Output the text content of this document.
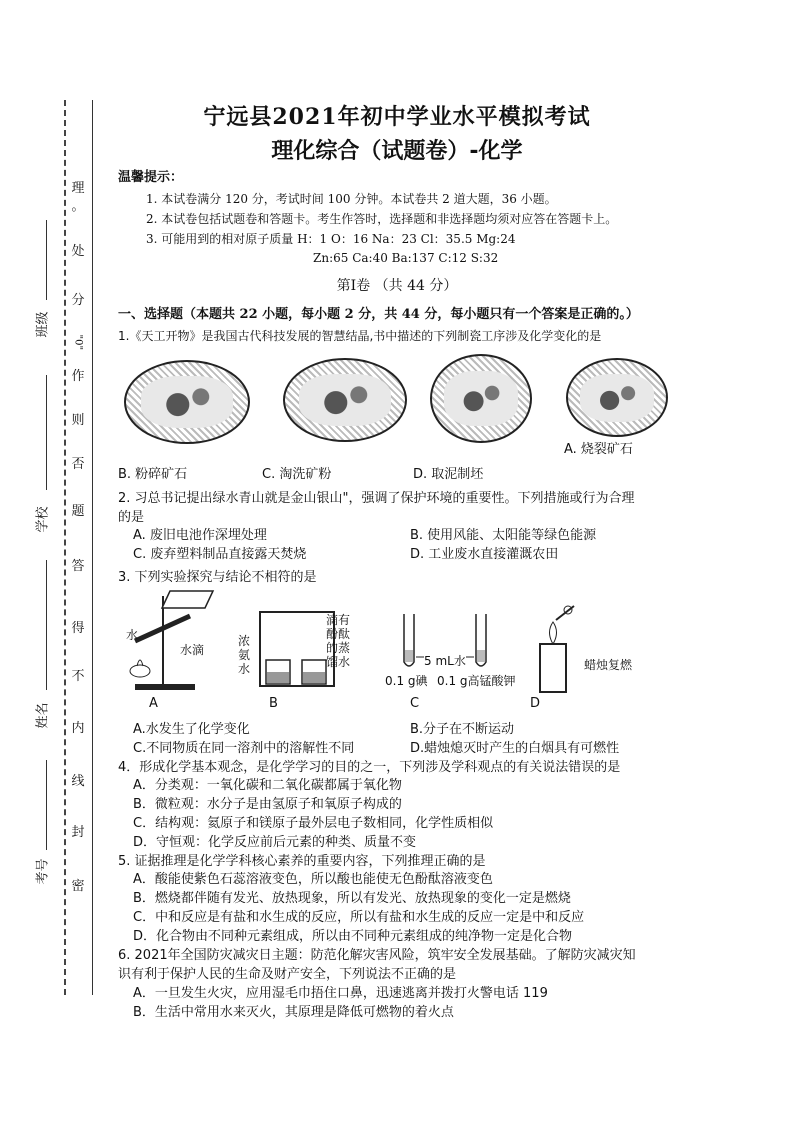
理
。
处
分
"0"
作
则
否
题
答
得
不
内
线
封
密
班级
学校
姓名
考号
宁远县2021年初中学业水平模拟考试
理化综合（试题卷）-化学
温馨提示：
1. 本试卷满分 120 分，考试时间 100 分钟。本试卷共 2 道大题，36 小题。
2. 本试卷包括试题卷和答题卡。考生作答时，选择题和非选择题均须对应答在答题卡上。
3. 可能用到的相对原子质量 H：1 O：16 Na：23 Cl：35.5 Mg:24
Zn:65 Ca:40 Ba:137 C:12 S:32
第Ⅰ卷 （共 44 分）
一、选择题（本题共 22 小题，每小题 2 分，共 44 分，每小题只有一个答案是正确的。）
1.《天工开物》是我国古代科技发展的智慧结晶,书中描述的下列制瓷工序涉及化学变化的是
A. 烧裂矿石
B. 粉碎矿石	C. 淘洗矿粉	D. 取泥制坯
2. 习总书记提出绿水青山就是金山银山"，强调了保护环境的重要性。下列措施或行为合理
的是
A. 废旧电池作深埋处理	B. 使用风能、太阳能等绿色能源
C. 废弃塑料制品直接露天焚烧	D. 工业废水直接灌溉农田
3. 下列实验探究与结论不相符的是
水
水滴
浓氨水
滴有酚酞的蒸馏水	5 mL水
0.1 g碘 0.1 g高锰酸钾
蜡烛复燃
A	B	C	D
A.水发生了化学变化	B.分子在不断运动
C.不同物质在同一溶剂中的溶解性不同	D.蜡烛熄灭时产生的白烟具有可燃性
4．形成化学基本观念，是化学学习的目的之一，下列涉及学科观点的有关说法错误的是
A．分类观：一氧化碳和二氧化碳都属于氧化物
B．微粒观：水分子是由氢原子和氧原子构成的
C．结构观：氦原子和镁原子最外层电子数相同，化学性质相似
D．守恒观：化学反应前后元素的种类、质量不变
5. 证据推理是化学学科核心素养的重要内容，下列推理正确的是
A．酸能使紫色石蕊溶液变色，所以酸也能使无色酚酞溶液变色
B．燃烧都伴随有发光、放热现象，所以有发光、放热现象的变化一定是燃烧
C．中和反应是有盐和水生成的反应，所以有盐和水生成的反应一定是中和反应
D．化合物由不同种元素组成，所以由不同种元素组成的纯净物一定是化合物
6. 2021年全国防灾减灾日主题：防范化解灾害风险，筑牢安全发展基础。了解防灾减灾知
识有利于保护人民的生命及财产安全，下列说法不正确的是
A．一旦发生火灾，应用湿毛巾捂住口鼻，迅速逃离并拨打火警电话 119
B．生活中常用水来灭火，其原理是降低可燃物的着火点
